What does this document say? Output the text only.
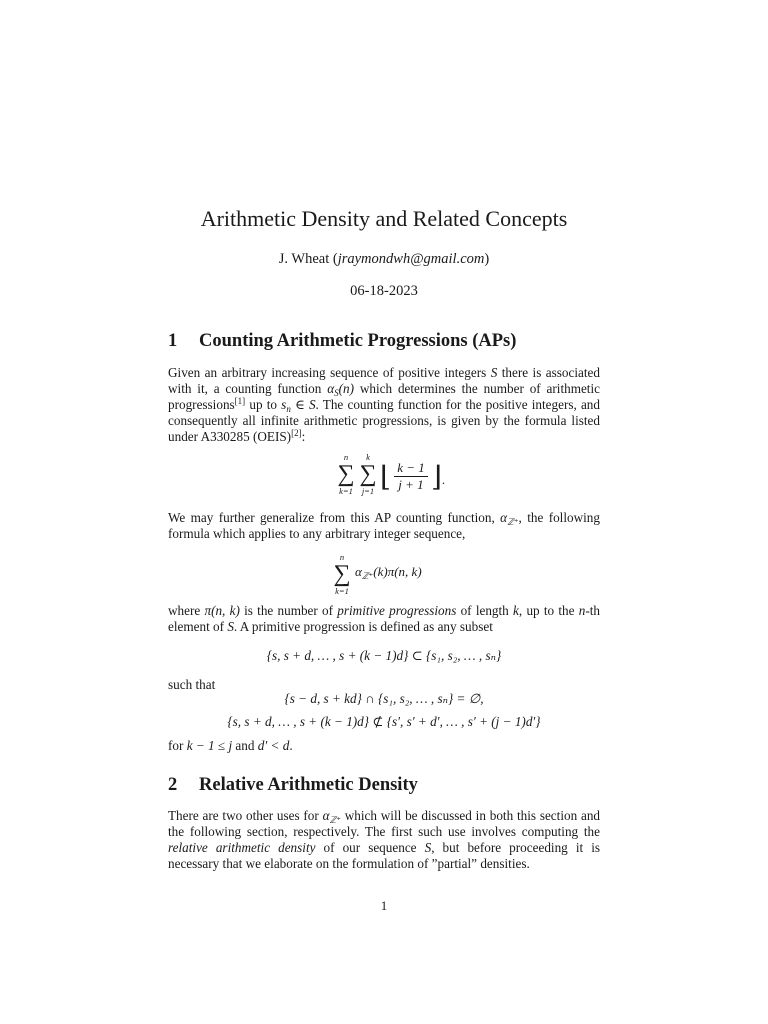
Arithmetic Density and Related Concepts
J. Wheat (jraymondwh@gmail.com)
06-18-2023
1 Counting Arithmetic Progressions (APs)
Given an arbitrary increasing sequence of positive integers S there is associated with it, a counting function $\alpha_S(n)$ which determines the number of arithmetic progressions[1] up to $s_n$ ∈ S. The counting function for the positive integers, and consequently all infinite arithmetic progressions, is given by the formula listed under A330285 (OEIS)[2]:
n
∑
k=1
k
∑
j=1 ⌊ $\frac{k - 1}{j + 1}$ ⌋.
We may further generalize from this AP counting function, $\alpha_{ℤ^+}$, the following formula which applies to any arbitrary integer sequence,
n
∑
k=1
$\alpha_{ℤ^+}(k)\pi(n$, k)
where π(n, k) is the number of primitive progressions of length k, up to the n-th element of S. A primitive progression is defined as any subset
{s, s + d, … , s + (k − 1)d} ⊂ {s₁, s₂, … , sₙ}
such that
{s − d, s + kd} ∩ {s₁, s₂, … , sₙ} = ∅,
{s, s + d, … , s + (k − 1)d} ⊄ {s′, s′ + d′, … , s′ + (j − 1)d′}
for k − 1 ≤ j and d′ < d.
2 Relative Arithmetic Density
There are two other uses for $\alpha_{ℤ^+}$ which will be discussed in both this section and the following section, respectively. The first such use involves computing the relative arithmetic density of our sequence S, but before proceeding it is necessary that we elaborate on the formulation of ”partial” densities.
1
